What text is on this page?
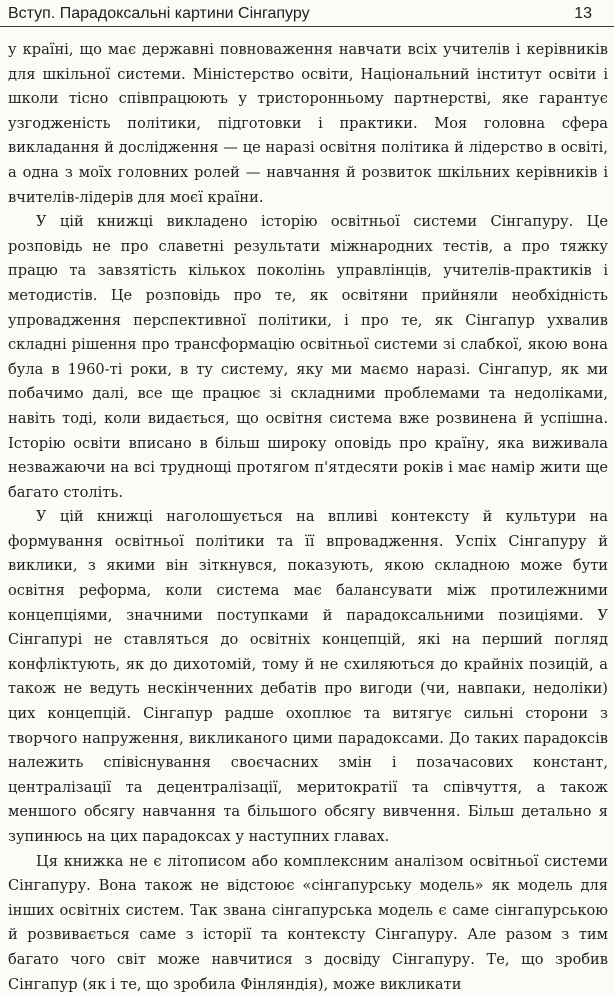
Вступ. Парадоксальні картини Сінгапуру	13

у країні, що має державні повноваження навчати всіх учителів і керівників для шкільної системи. Міністерство освіти, Національний інститут освіти і школи тісно співпрацюють у тристоронньому партнерстві, яке гарантує узгодженість політики, підготовки і практики. Моя головна сфера викладання й дослідження — це наразі освітня політика й лідерство в освіті, а одна з моїх головних ролей — навчання й розвиток шкільних керівників і вчителів-лідерів для моєї країни.

У цій книжці викладено історію освітньої системи Сінгапуру. Це розповідь не про славетні результати міжнародних тестів, а про тяжку працю та завзятість кількох поколінь управлінців, учителів-практиків і методистів. Це розповідь про те, як освітяни прийняли необхідність упровадження перспективної політики, і про те, як Сінгапур ухвалив складні рішення про трансформацію освітньої системи зі слабкої, якою вона була в 1960-ті роки, в ту систему, яку ми маємо наразі. Сінгапур, як ми побачимо далі, все ще працює зі складними проблемами та недоліками, навіть тоді, коли видається, що освітня система вже розвинена й успішна. Історію освіти вписано в більш широку оповідь про країну, яка виживала незважаючи на всі труднощі протягом п'ятдесяти років і має намір жити ще багато століть.

У цій книжці наголошується на впливі контексту й культури на формування освітньої політики та її впровадження. Успіх Сінгапуру й виклики, з якими він зіткнувся, показують, якою складною може бути освітня реформа, коли система має балансувати між протилежними концепціями, значними поступками й парадоксальними позиціями. У Сінгапурі не ставляться до освітніх концепцій, які на перший погляд конфліктують, як до дихотомій, тому й не схиляються до крайніх позицій, а також не ведуть нескінченних дебатів про вигоди (чи, навпаки, недоліки) цих концепцій. Сінгапур радше охоплює та витягує сильні сторони з творчого напруження, викликаного цими парадоксами. До таких парадоксів належить співіснування своєчасних змін і позачасових констант, централізації та децентралізації, меритократії та співчуття, а також меншого обсягу навчання та більшого обсягу вивчення. Більш детально я зупинюсь на цих парадоксах у наступних главах.

Ця книжка не є літописом або комплексним аналізом освітньої системи Сінгапуру. Вона також не відстоює «сінгапурську модель» як модель для інших освітніх систем. Так звана сінгапурська модель є саме сінгапурською й розвивається саме з історії та контексту Сінгапуру. Але разом з тим багато чого світ може навчитися з досвіду Сінгапуру. Те, що зробив Сінгапур (як і те, що зробила Фінляндія), може викликати
